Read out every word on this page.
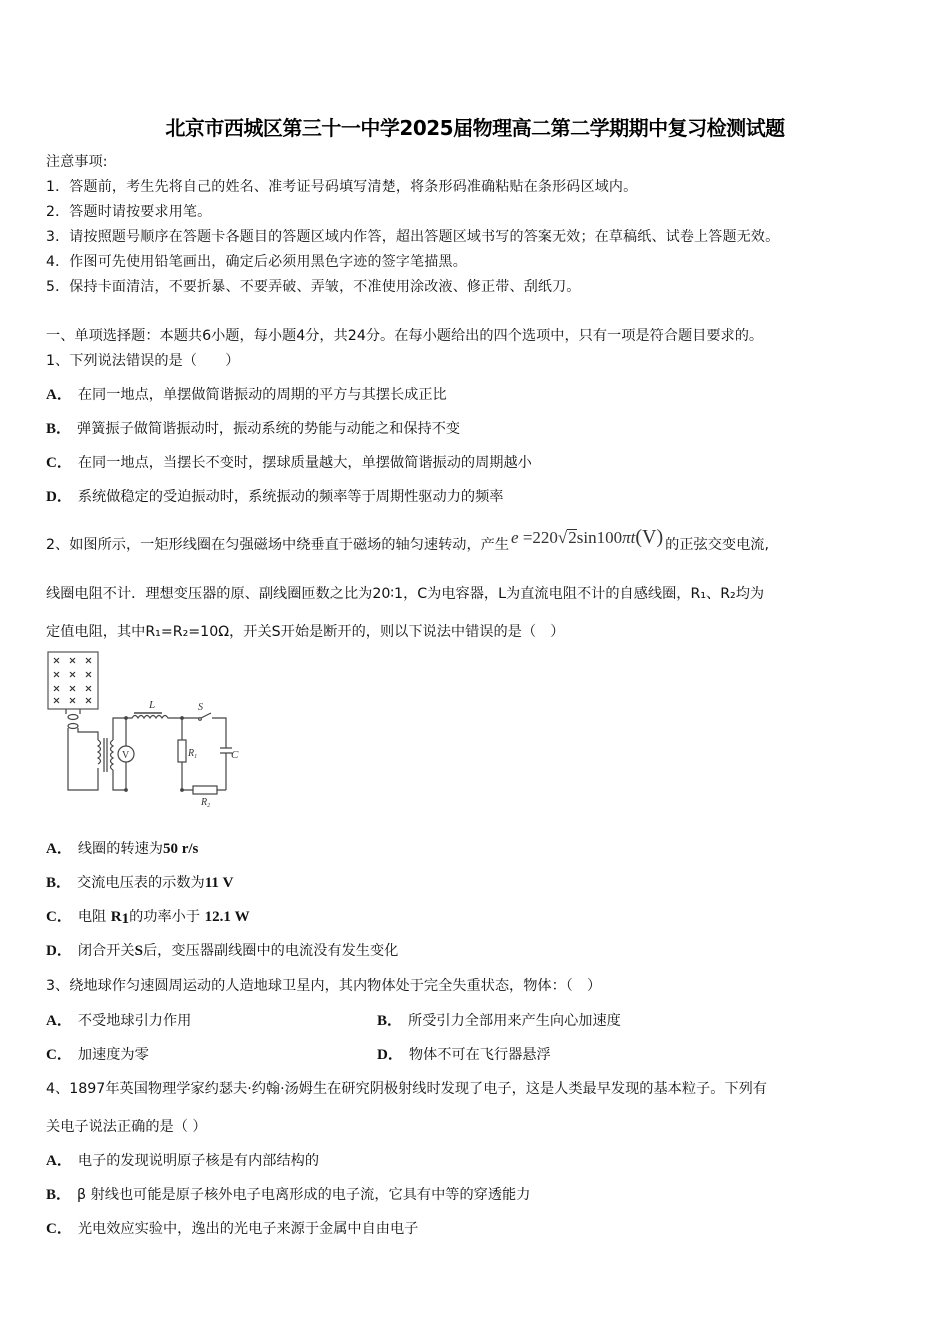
北京市西城区第三十一中学2025届物理高二第二学期期中复习检测试题
注意事项:
1．答题前，考生先将自己的姓名、准考证号码填写清楚，将条形码准确粘贴在条形码区域内。
2．答题时请按要求用笔。
3．请按照题号顺序在答题卡各题目的答题区域内作答，超出答题区域书写的答案无效；在草稿纸、试卷上答题无效。
4．作图可先使用铅笔画出，确定后必须用黑色字迹的签字笔描黑。
5．保持卡面清洁，不要折暴、不要弄破、弄皱，不准使用涂改液、修正带、刮纸刀。
一、单项选择题：本题共6小题，每小题4分，共24分。在每小题给出的四个选项中，只有一项是符合题目要求的。
1、下列说法错误的是（　　）
A． 在同一地点，单摆做简谐振动的周期的平方与其摆长成正比
B． 弹簧振子做简谐振动时，振动系统的势能与动能之和保持不变
C． 在同一地点，当摆长不变时，摆球质量越大，单摆做简谐振动的周期越小
D． 系统做稳定的受迫振动时，系统振动的频率等于周期性驱动力的频率
2、如图所示，一矩形线圈在匀强磁场中绕垂直于磁场的轴匀速转动，产生 e =220√2sin100πt(V) 的正弦交变电流,
线圈电阻不计．理想变压器的原、副线圈匝数之比为20∶1，C为电容器，L为直流电阻不计的自感线圈，R₁、R₂均为
定值电阻，其中R₁=R₂=10Ω，开关S开始是断开的，则以下说法中错误的是（　）
V
L
$R_1$
S
C
$R_2$
A． 线圈的转速为50 r/s
B． 交流电压表的示数为11 V
C． 电阻 $R_1$的功率小于 12.1 W
D． 闭合开关S后，变压器副线圈中的电流没有发生变化
3、绕地球作匀速圆周运动的人造地球卫星内，其内物体处于完全失重状态，物体：（　）
A． 不受地球引力作用	B． 所受引力全部用来产生向心加速度
C． 加速度为零	D． 物体不可在飞行器悬浮
4、1897年英国物理学家约瑟夫·约翰·汤姆生在研究阴极射线时发现了电子，这是人类最早发现的基本粒子。下列有
关电子说法正确的是（ ）
A． 电子的发现说明原子核是有内部结构的
B． β 射线也可能是原子核外电子电离形成的电子流，它具有中等的穿透能力
C． 光电效应实验中，逸出的光电子来源于金属中自由电子
